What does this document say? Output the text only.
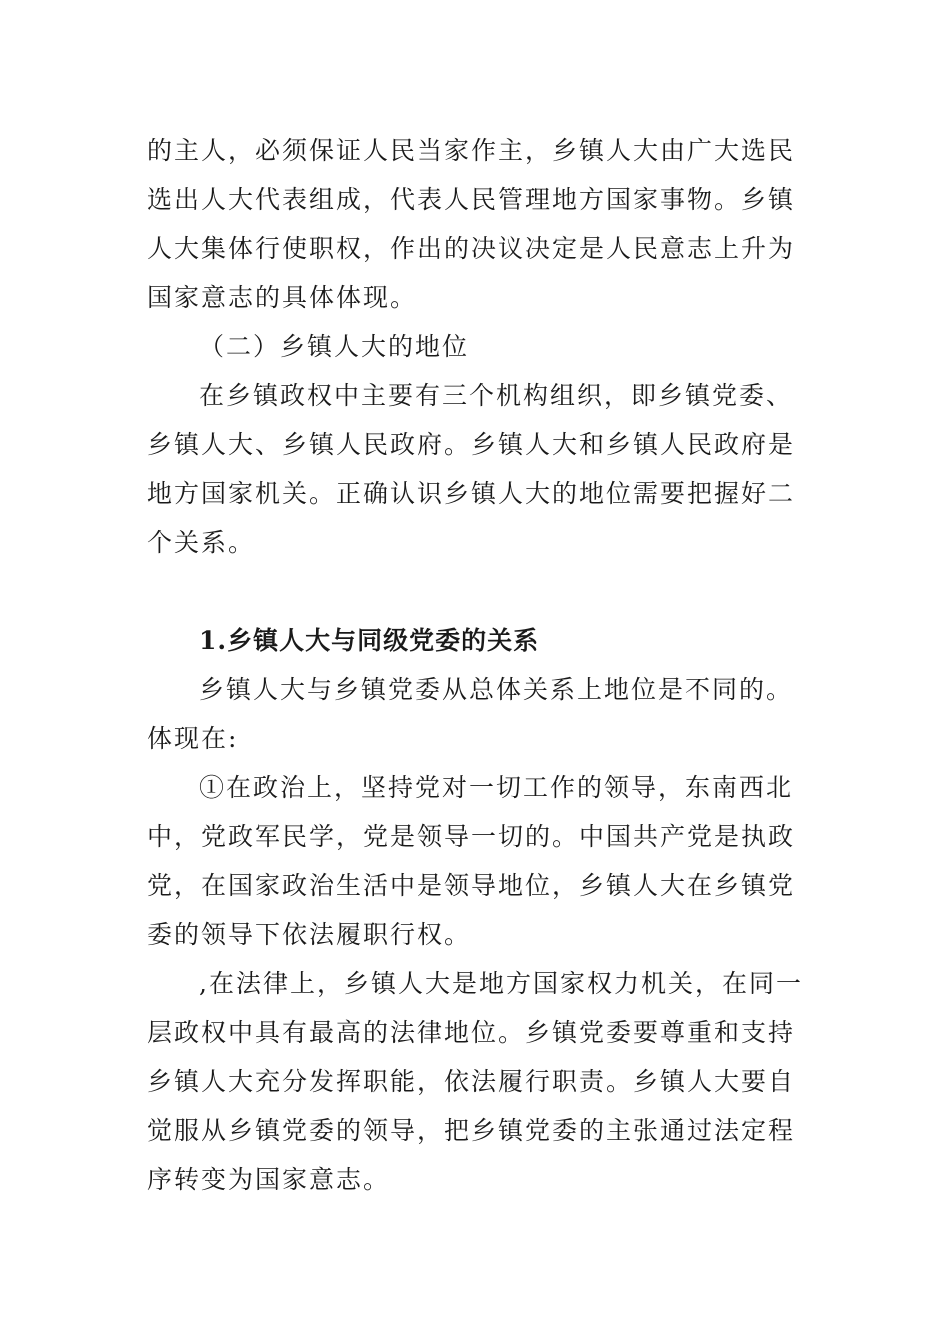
的主人，必须保证人民当家作主，乡镇人大由广大选民选出人大代表组成，代表人民管理地方国家事物。乡镇人大集体行使职权，作出的决议决定是人民意志上升为国家意志的具体体现。

（二）乡镇人大的地位

在乡镇政权中主要有三个机构组织，即乡镇党委、乡镇人大、乡镇人民政府。乡镇人大和乡镇人民政府是地方国家机关。正确认识乡镇人大的地位需要把握好二个关系。

1.乡镇人大与同级党委的关系

乡镇人大与乡镇党委从总体关系上地位是不同的。体现在:

①在政治上，坚持党对一切工作的领导，东南西北中，党政军民学，党是领导一切的。中国共产党是执政党，在国家政治生活中是领导地位，乡镇人大在乡镇党委的领导下依法履职行权。

,在法律上，乡镇人大是地方国家权力机关，在同一层政权中具有最高的法律地位。乡镇党委要尊重和支持乡镇人大充分发挥职能，依法履行职责。乡镇人大要自觉服从乡镇党委的领导，把乡镇党委的主张通过法定程序转变为国家意志。
